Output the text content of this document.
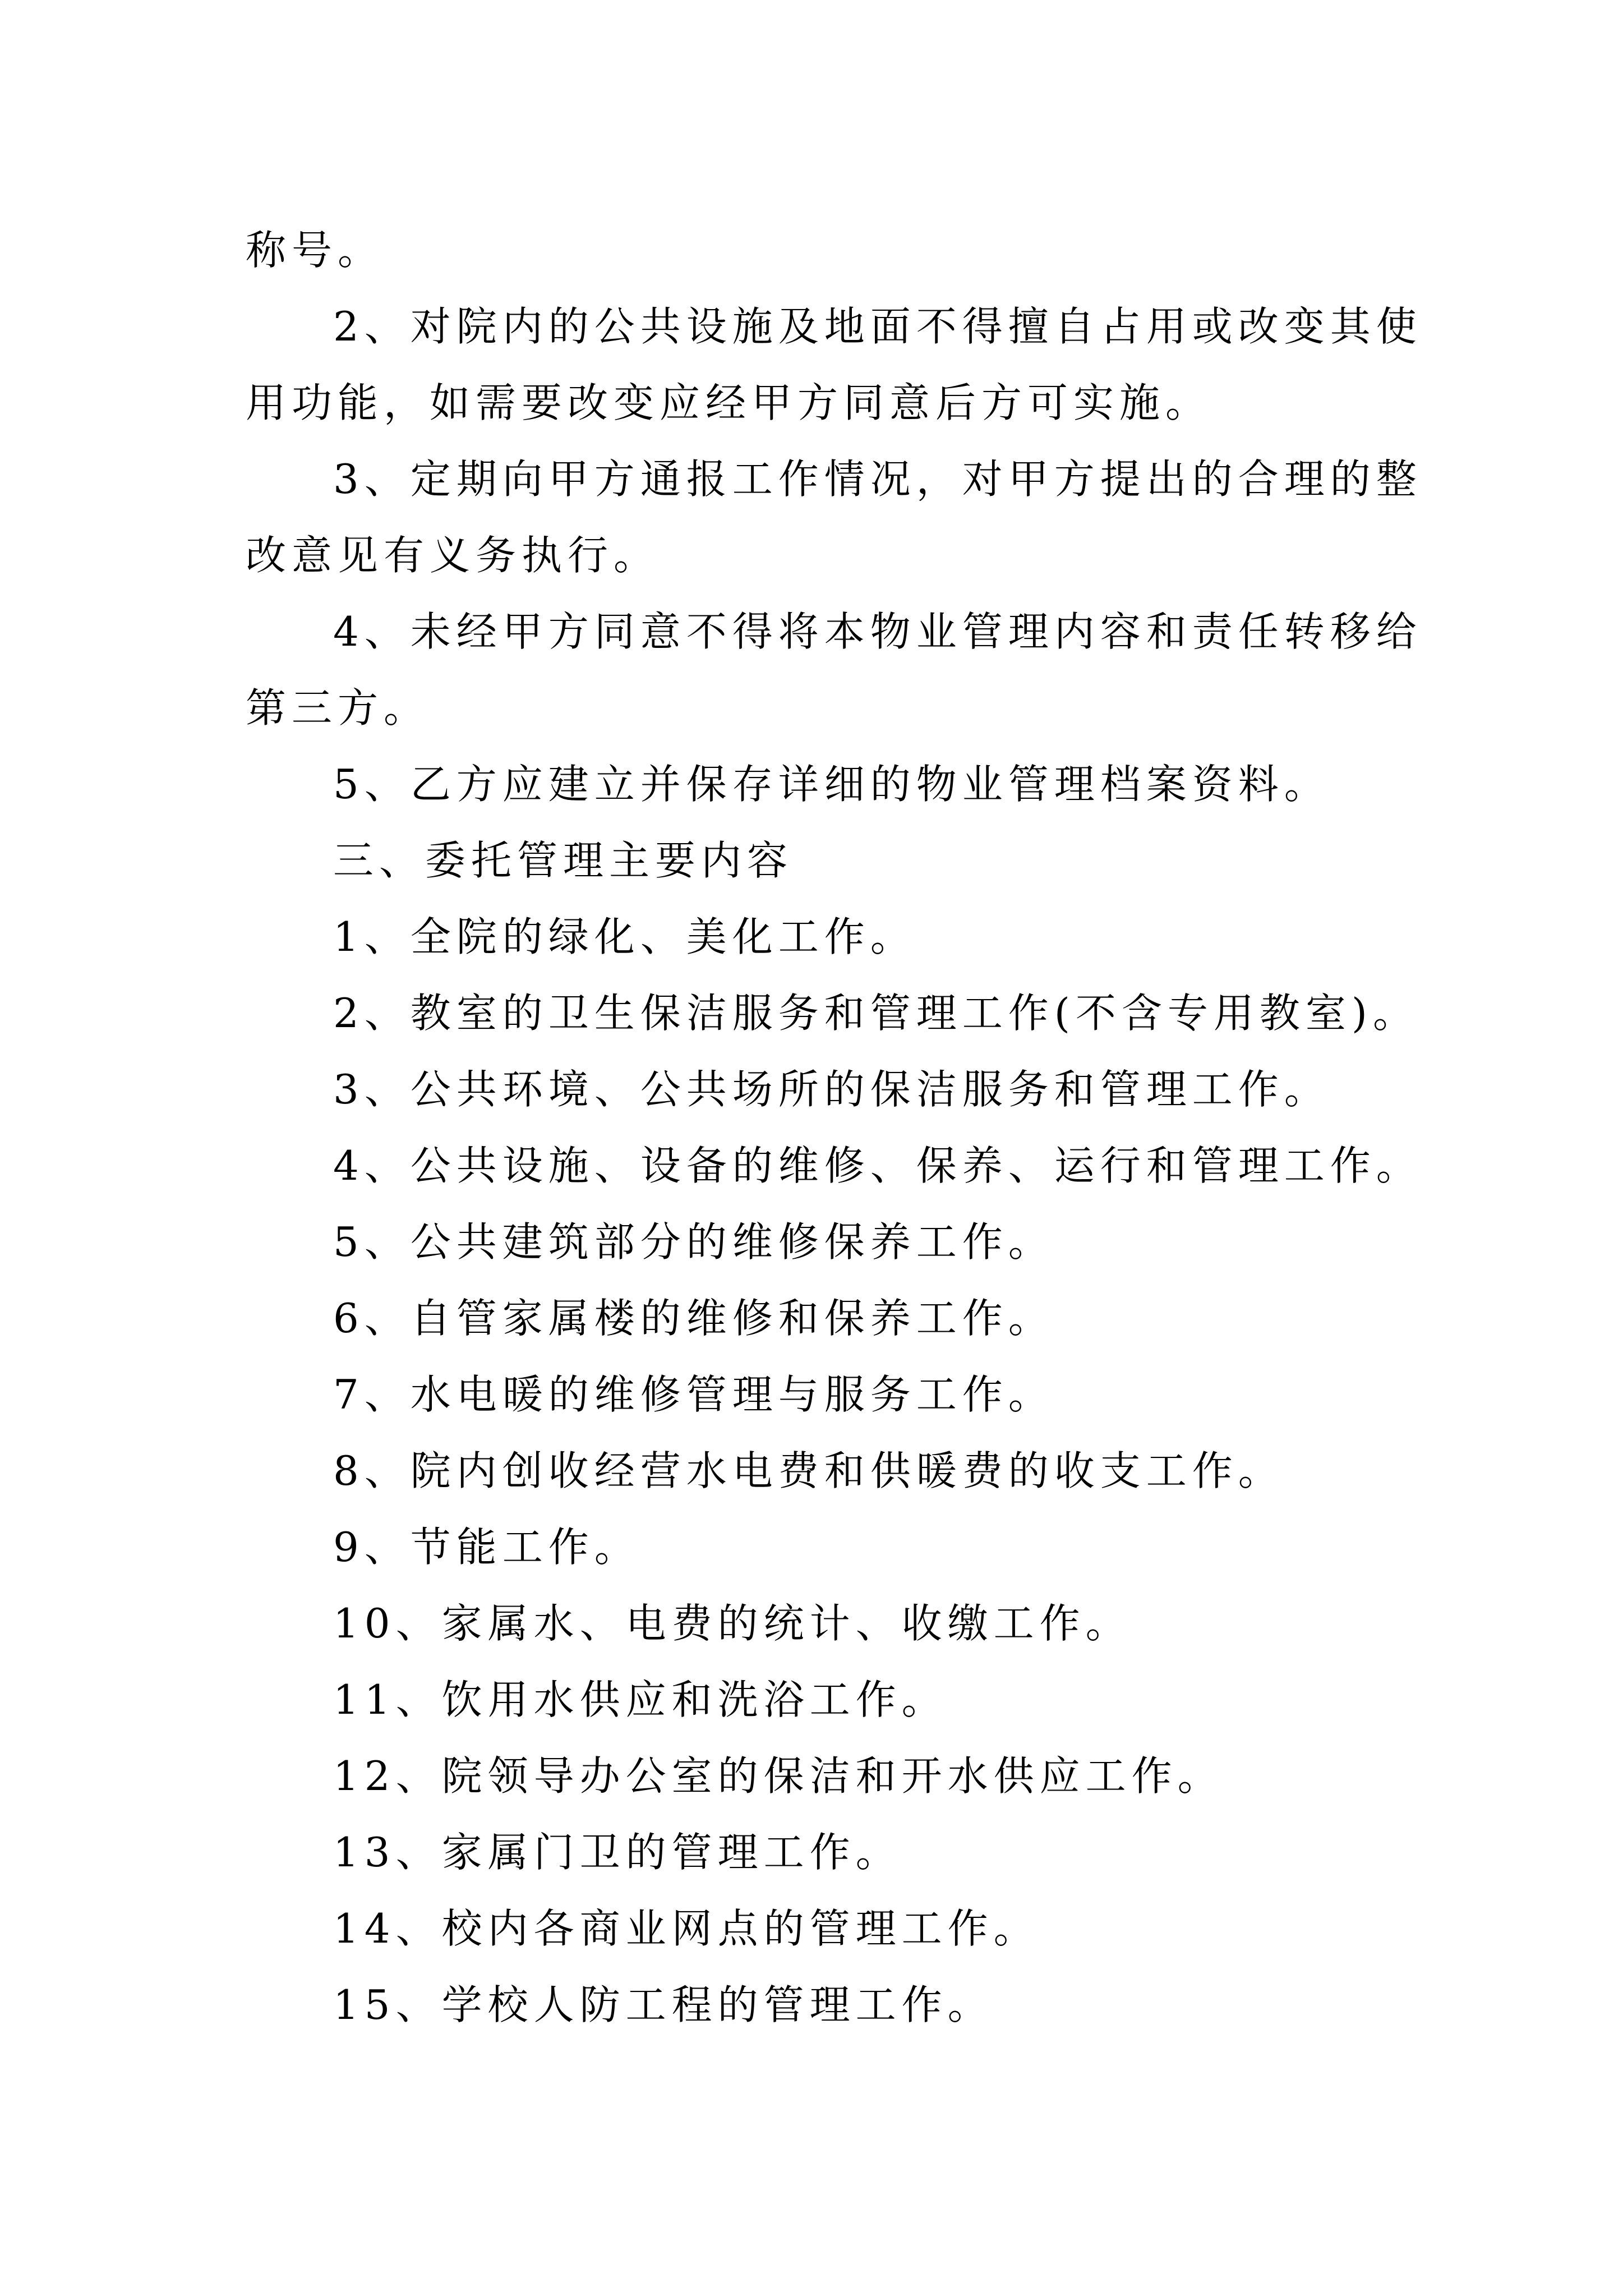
称号。
2、对院内的公共设施及地面不得擅自占用或改变其使
用功能，如需要改变应经甲方同意后方可实施。
3、定期向甲方通报工作情况，对甲方提出的合理的整
改意见有义务执行。
4、未经甲方同意不得将本物业管理内容和责任转移给
第三方。
5、乙方应建立并保存详细的物业管理档案资料。
三、委托管理主要内容
1、全院的绿化、美化工作。
2、教室的卫生保洁服务和管理工作(不含专用教室)。
3、公共环境、公共场所的保洁服务和管理工作。
4、公共设施、设备的维修、保养、运行和管理工作。
5、公共建筑部分的维修保养工作。
6、自管家属楼的维修和保养工作。
7、水电暖的维修管理与服务工作。
8、院内创收经营水电费和供暖费的收支工作。
9、节能工作。
10、家属水、电费的统计、收缴工作。
11、饮用水供应和洗浴工作。
12、院领导办公室的保洁和开水供应工作。
13、家属门卫的管理工作。
14、校内各商业网点的管理工作。
15、学校人防工程的管理工作。
